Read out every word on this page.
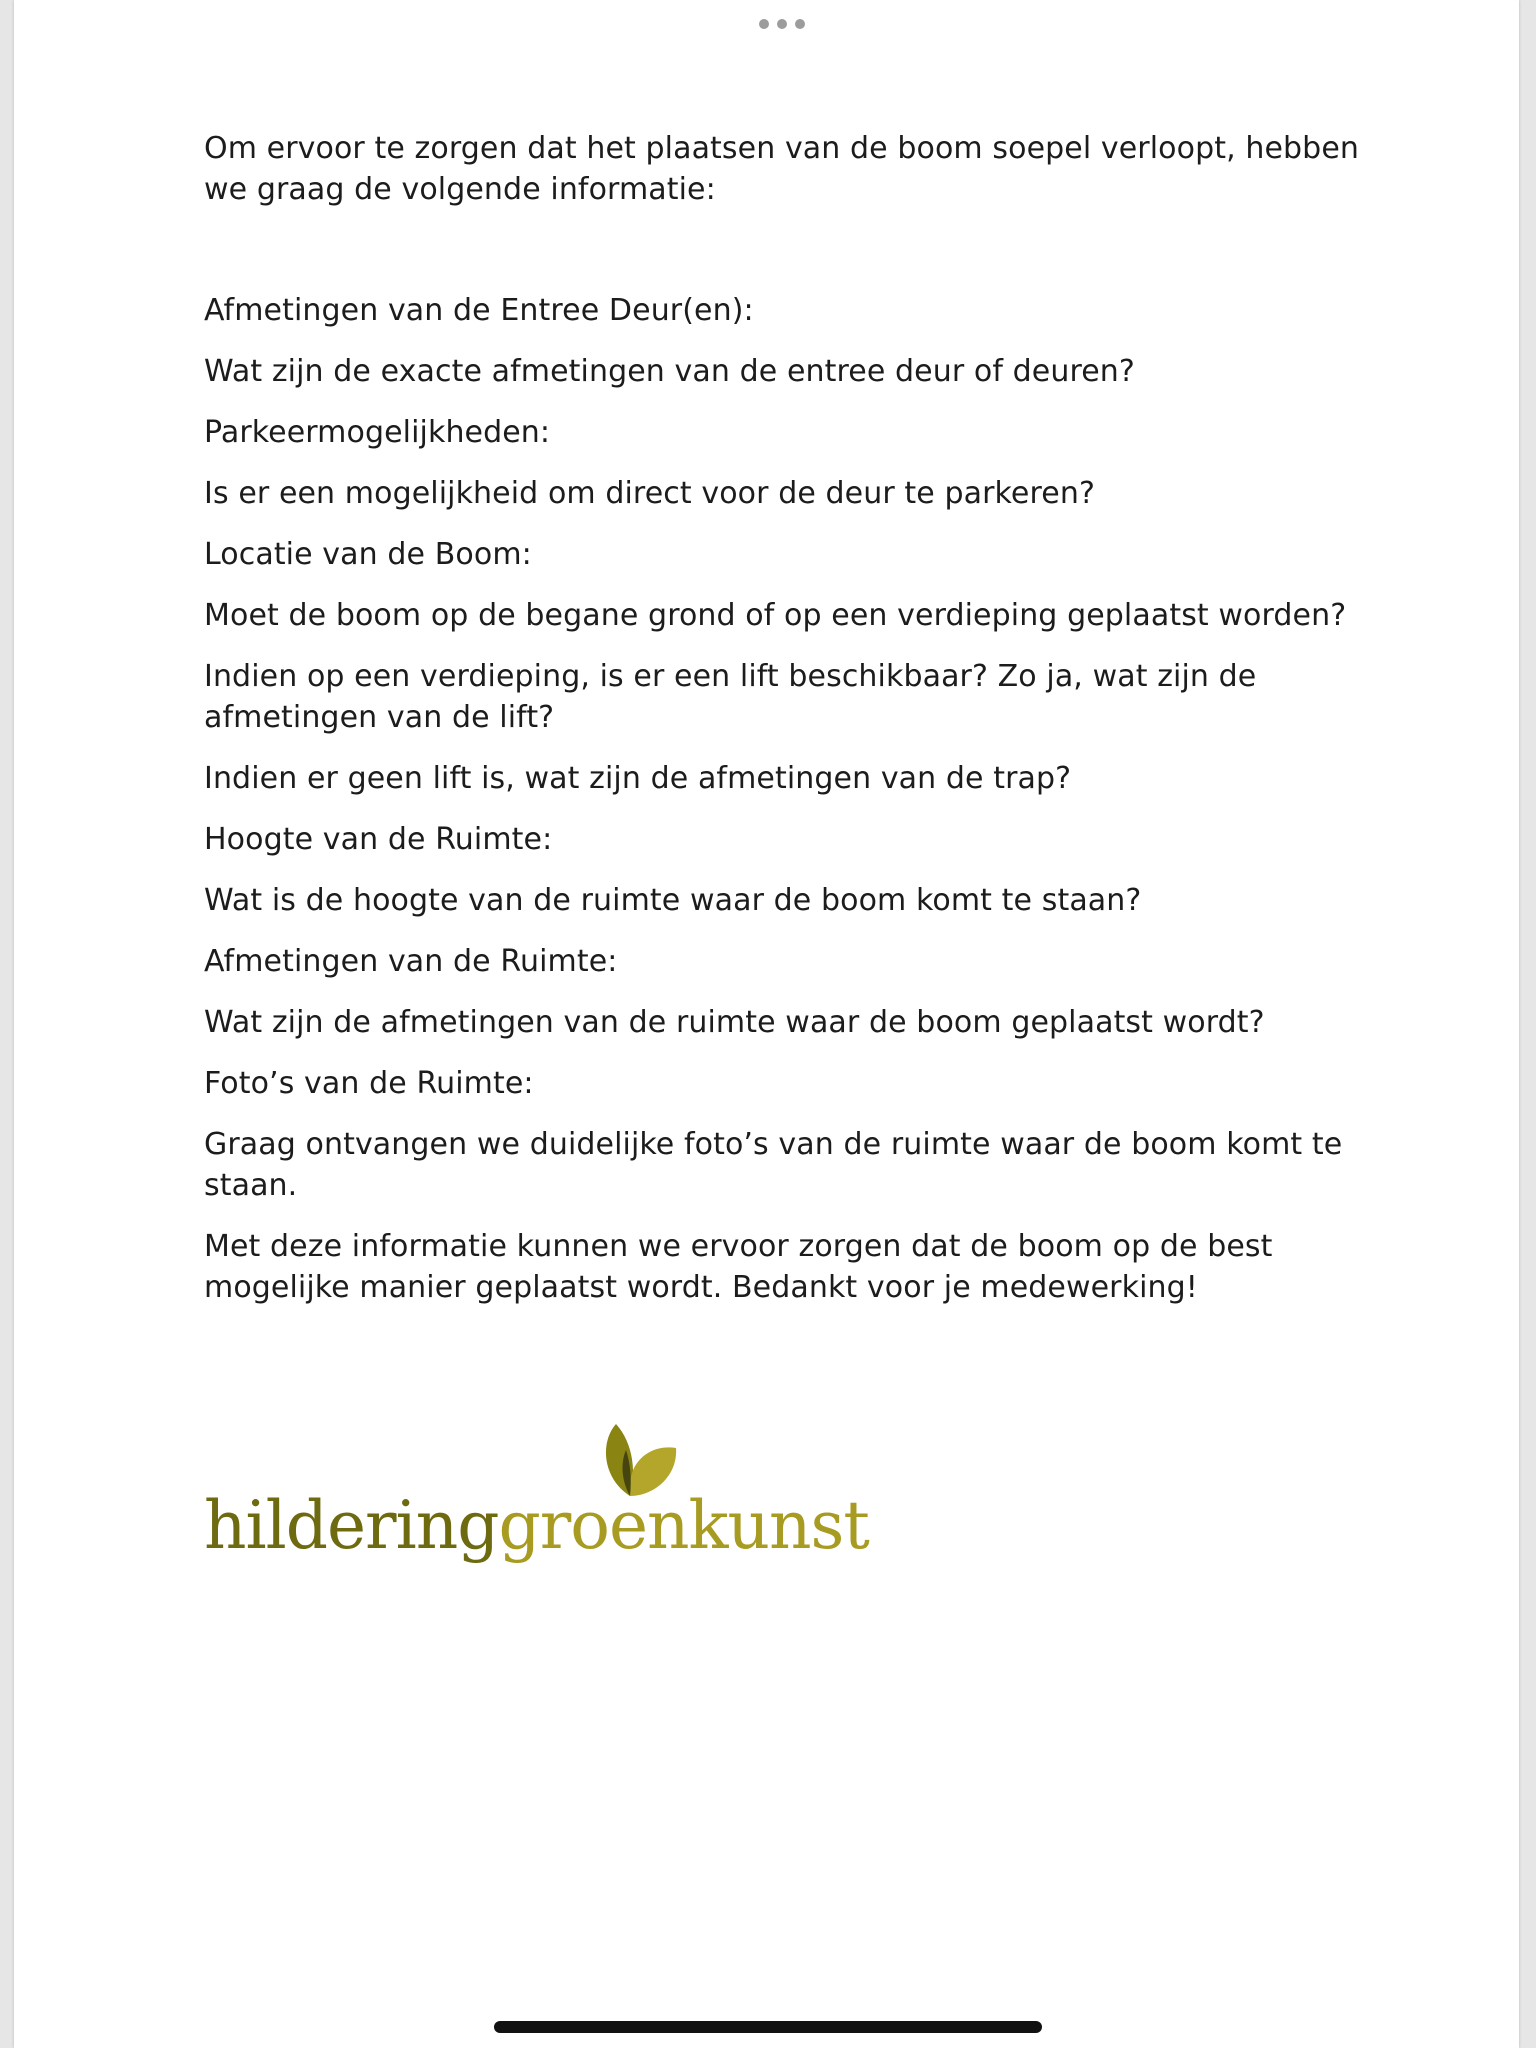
Om ervoor te zorgen dat het plaatsen van de boom soepel verloopt, hebben we graag de volgende informatie:

Afmetingen van de Entree Deur(en):

Wat zijn de exacte afmetingen van de entree deur of deuren?

Parkeermogelijkheden:

Is er een mogelijkheid om direct voor de deur te parkeren?

Locatie van de Boom:

Moet de boom op de begane grond of op een verdieping geplaatst worden?

Indien op een verdieping, is er een lift beschikbaar? Zo ja, wat zijn de afmetingen van de lift?

Indien er geen lift is, wat zijn de afmetingen van de trap?

Hoogte van de Ruimte:

Wat is de hoogte van de ruimte waar de boom komt te staan?

Afmetingen van de Ruimte:

Wat zijn de afmetingen van de ruimte waar de boom geplaatst wordt?

Foto’s van de Ruimte:

Graag ontvangen we duidelijke foto’s van de ruimte waar de boom komt te staan.

Met deze informatie kunnen we ervoor zorgen dat de boom op de best mogelijke manier geplaatst wordt. Bedankt voor je medewerking!

hilderinggroenkunst
